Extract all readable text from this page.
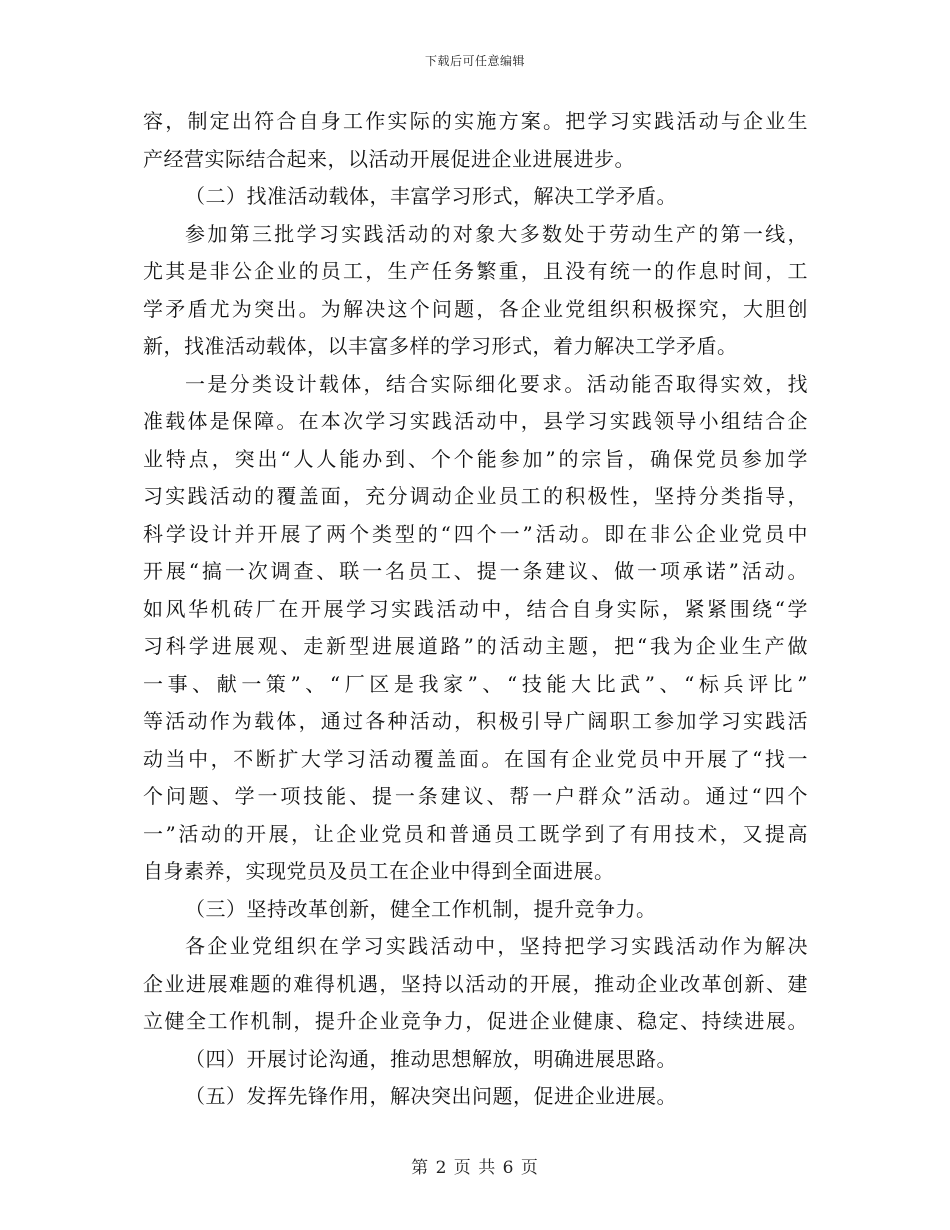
下载后可任意编辑
容，制定出符合自身工作实际的实施方案。把学习实践活动与企业生
产经营实际结合起来，以活动开展促进企业进展进步。
（二）找准活动载体，丰富学习形式，解决工学矛盾。
参加第三批学习实践活动的对象大多数处于劳动生产的第一线，
尤其是非公企业的员工，生产任务繁重，且没有统一的作息时间，工
学矛盾尤为突出。为解决这个问题，各企业党组织积极探究，大胆创
新，找准活动载体，以丰富多样的学习形式，着力解决工学矛盾。
一是分类设计载体，结合实际细化要求。活动能否取得实效，找
准载体是保障。在本次学习实践活动中，县学习实践领导小组结合企
业特点，突出“人人能办到、个个能参加”的宗旨，确保党员参加学
习实践活动的覆盖面，充分调动企业员工的积极性，坚持分类指导，
科学设计并开展了两个类型的“四个一”活动。即在非公企业党员中
开展“搞一次调查、联一名员工、提一条建议、做一项承诺”活动。
如风华机砖厂在开展学习实践活动中，结合自身实际，紧紧围绕“学
习科学进展观、走新型进展道路”的活动主题，把“我为企业生产做
一事、献一策”、“厂区是我家”、“技能大比武”、“标兵评比”
等活动作为载体，通过各种活动，积极引导广阔职工参加学习实践活
动当中，不断扩大学习活动覆盖面。在国有企业党员中开展了“找一
个问题、学一项技能、提一条建议、帮一户群众”活动。通过“四个
一”活动的开展，让企业党员和普通员工既学到了有用技术，又提高
自身素养，实现党员及员工在企业中得到全面进展。
（三）坚持改革创新，健全工作机制，提升竞争力。
各企业党组织在学习实践活动中，坚持把学习实践活动作为解决
企业进展难题的难得机遇，坚持以活动的开展，推动企业改革创新、建
立健全工作机制，提升企业竞争力，促进企业健康、稳定、持续进展。
（四）开展讨论沟通，推动思想解放，明确进展思路。
（五）发挥先锋作用，解决突出问题，促进企业进展。
第 2 页 共 6 页
